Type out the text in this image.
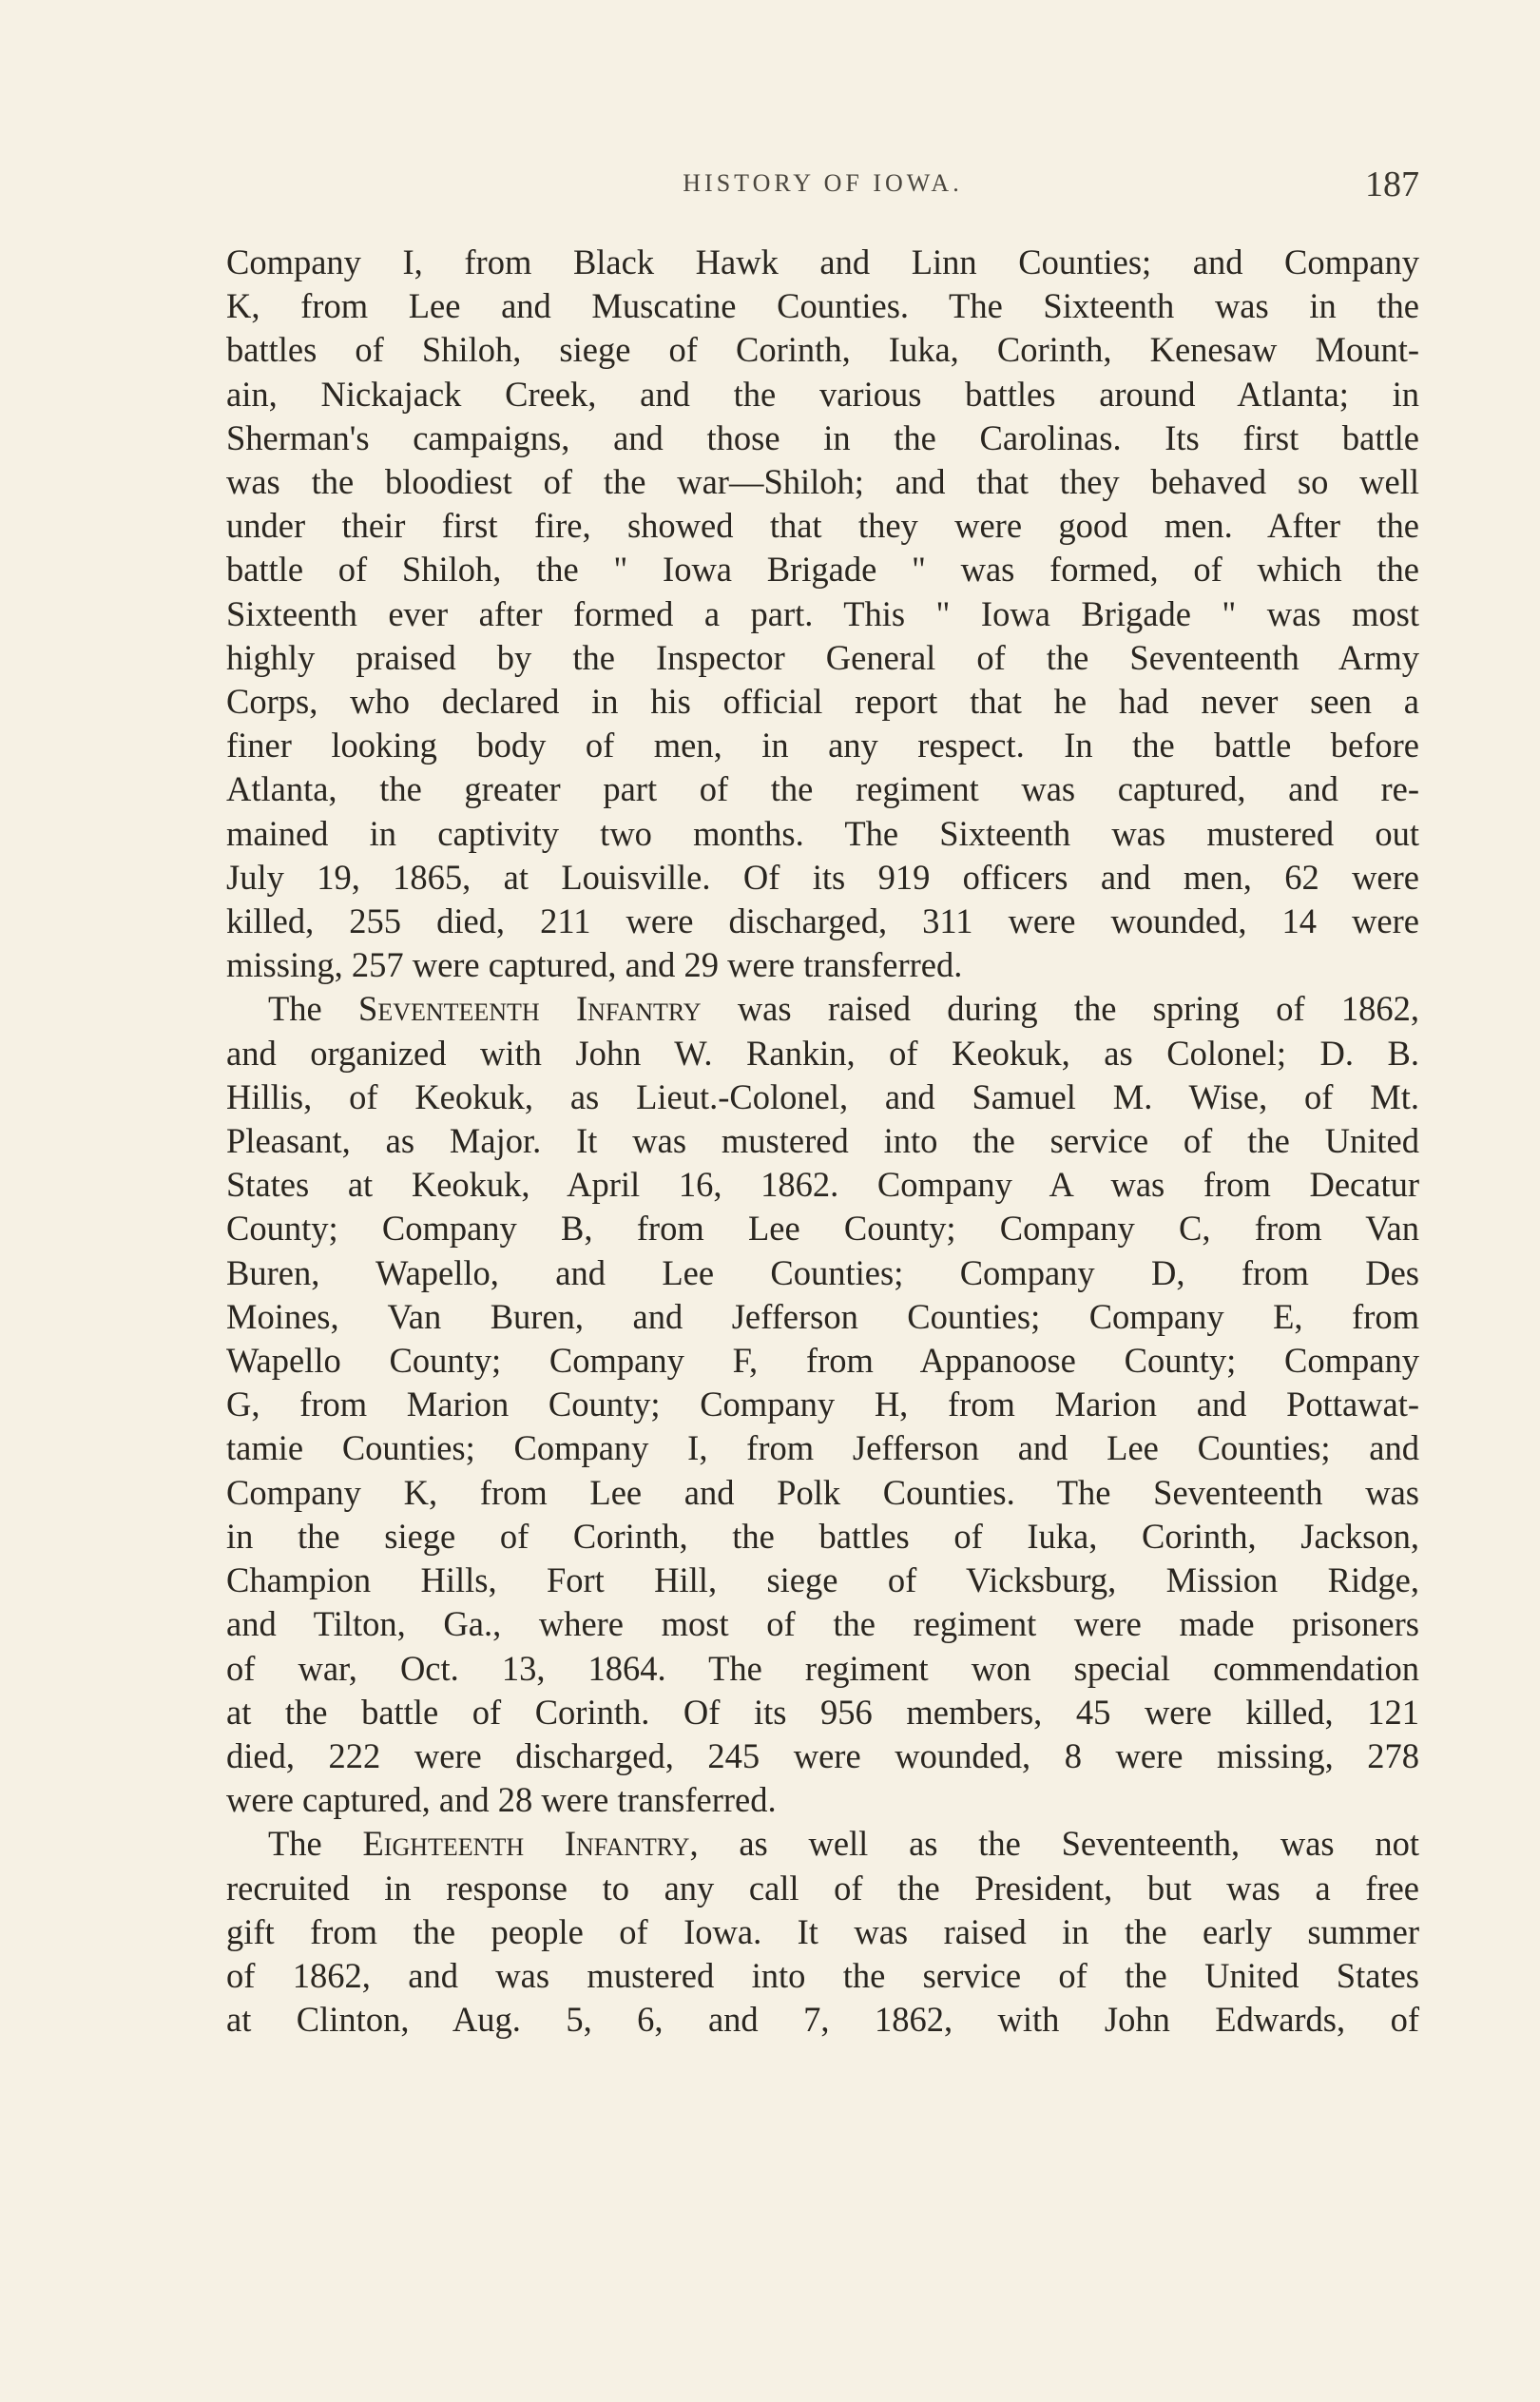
HISTORY OF IOWA.	187

Company I, from Black Hawk and Linn Counties; and Company
K, from Lee and Muscatine Counties. The Sixteenth was in the
battles of Shiloh, siege of Corinth, Iuka, Corinth, Kenesaw Mount-
ain, Nickajack Creek, and the various battles around Atlanta; in
Sherman's campaigns, and those in the Carolinas. Its first battle
was the bloodiest of the war—Shiloh; and that they behaved so well
under their first fire, showed that they were good men. After the
battle of Shiloh, the " Iowa Brigade " was formed, of which the
Sixteenth ever after formed a part. This " Iowa Brigade " was most
highly praised by the Inspector General of the Seventeenth Army
Corps, who declared in his official report that he had never seen a
finer looking body of men, in any respect. In the battle before
Atlanta, the greater part of the regiment was captured, and re-
mained in captivity two months. The Sixteenth was mustered out
July 19, 1865, at Louisville. Of its 919 officers and men, 62 were
killed, 255 died, 211 were discharged, 311 were wounded, 14 were
missing, 257 were captured, and 29 were transferred.

The Seventeenth Infantry was raised during the spring of 1862,
and organized with John W. Rankin, of Keokuk, as Colonel; D. B.
Hillis, of Keokuk, as Lieut.-Colonel, and Samuel M. Wise, of Mt.
Pleasant, as Major. It was mustered into the service of the United
States at Keokuk, April 16, 1862. Company A was from Decatur
County; Company B, from Lee County; Company C, from Van
Buren, Wapello, and Lee Counties; Company D, from Des
Moines, Van Buren, and Jefferson Counties; Company E, from
Wapello County; Company F, from Appanoose County; Company
G, from Marion County; Company H, from Marion and Pottawat-
tamie Counties; Company I, from Jefferson and Lee Counties; and
Company K, from Lee and Polk Counties. The Seventeenth was
in the siege of Corinth, the battles of Iuka, Corinth, Jackson,
Champion Hills, Fort Hill, siege of Vicksburg, Mission Ridge,
and Tilton, Ga., where most of the regiment were made prisoners
of war, Oct. 13, 1864. The regiment won special commendation
at the battle of Corinth. Of its 956 members, 45 were killed, 121
died, 222 were discharged, 245 were wounded, 8 were missing, 278
were captured, and 28 were transferred.

The Eighteenth Infantry, as well as the Seventeenth, was not
recruited in response to any call of the President, but was a free
gift from the people of Iowa. It was raised in the early summer
of 1862, and was mustered into the service of the United States
at Clinton, Aug. 5, 6, and 7, 1862, with John Edwards, of
